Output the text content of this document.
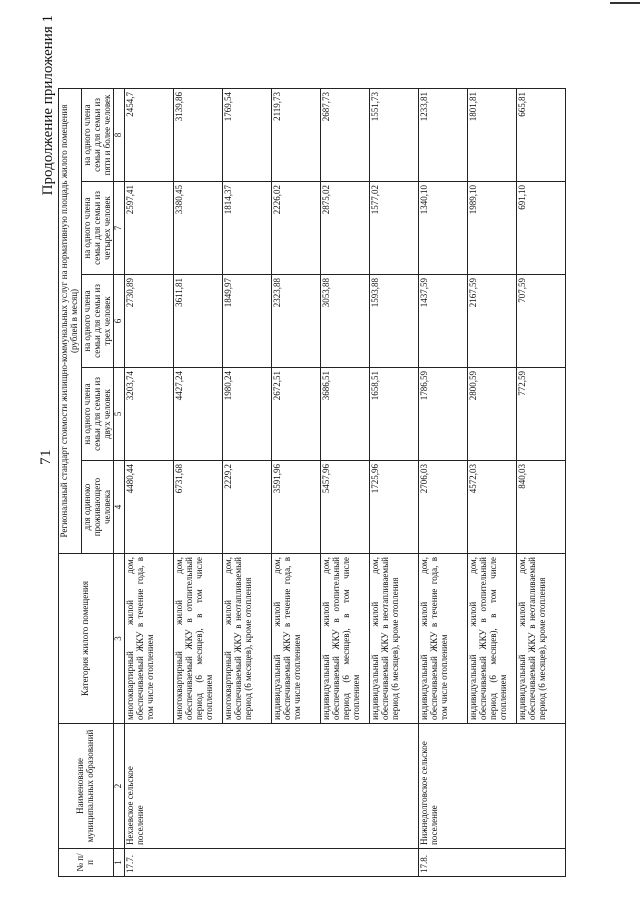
71
Продолжение приложения 1
№ п/п	Наименование муниципальных образований	Категория жилого помещения	Региональный стандарт стоимости жилищно-коммунальных услуг на нормативную площадь жилого помещения (рублей в месяц)				
			для одиноко проживающего человека	на одного члена семьи для семьи из двух человек	на одного члена семьи для семьи из трех человек	на одного члена семьи для семьи из четырех человек	на одного члена семьи для семьи из пяти и более человек
1	2	3	4	5	6	7	8
17.7.	Нехаевское сельское поселение	многоквартирный жилой дом, обеспечиваемый ЖКУ в течение года, в том числе отоплением	4480,44	3203,74	2730,89	2597,41	2454,7
		многоквартирный жилой дом, обеспечиваемый ЖКУ в отопительный период (6 месяцев), в том числе отоплением	6731,68	4427,24	3611,81	3380,45	3139,86
		многоквартирный жилой дом, обеспечиваемый ЖКУ в неотапливаемый период (6 месяцев), кроме отопления	2229,2	1980,24	1849,97	1814,37	1769,54
		индивидуальный жилой дом, обеспечиваемый ЖКУ в течение года, в том числе отоплением	3591,96	2672,51	2323,88	2226,02	2119,73
		индивидуальный жилой дом, обеспечиваемый ЖКУ в отопительный период (6 месяцев), в том числе отоплением	5457,96	3686,51	3053,88	2875,02	2687,73
		индивидуальный жилой дом, обеспечиваемый ЖКУ в неотапливаемый период (6 месяцев), кроме отопления	1725,96	1658,51	1593,88	1577,02	1551,73
17.8.	Нижнедолговское сельское поселение	индивидуальный жилой дом, обеспечиваемый ЖКУ в течение года, в том числе отоплением	2706,03	1786,59	1437,59	1340,10	1233,81
		индивидуальный жилой дом, обеспечиваемый ЖКУ в отопительный период (6 месяцев), в том числе отоплением	4572,03	2800,59	2167,59	1989,10	1801,81
		индивидуальный жилой дом, обеспечиваемый ЖКУ в неотапливаемый период (6 месяцев), кроме отопления	840,03	772,59	707,59	691,10	665,81
